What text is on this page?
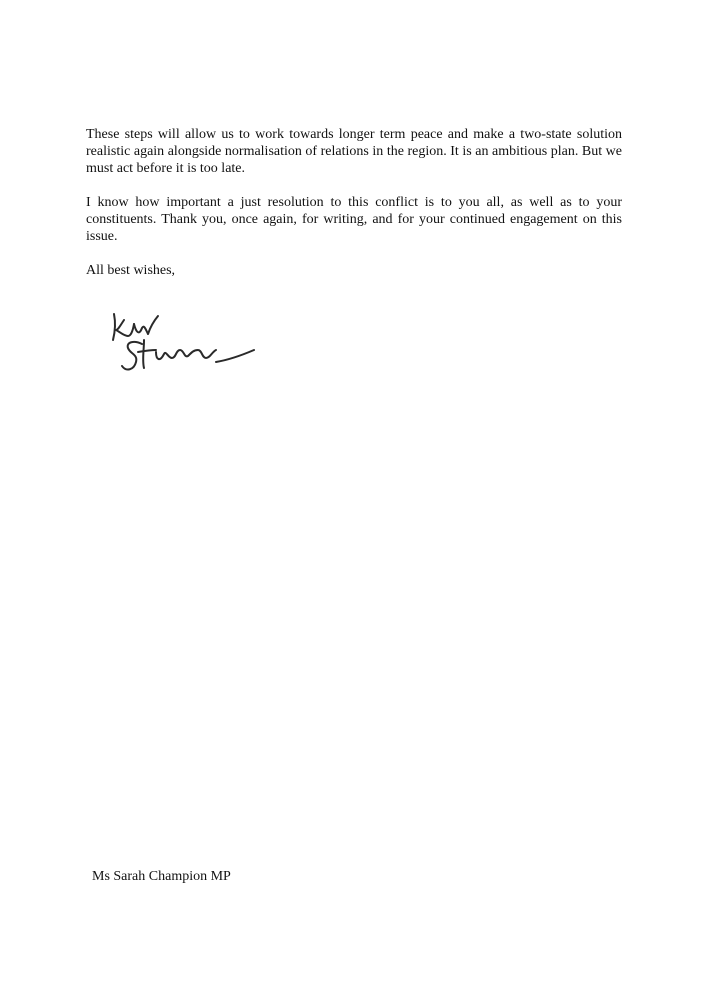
These steps will allow us to work towards longer term peace and make a two-state solution realistic again alongside normalisation of relations in the region. It is an ambitious plan. But we must act before it is too late.

I know how important a just resolution to this conflict is to you all, as well as to your constituents. Thank you, once again, for writing, and for your continued engagement on this issue.

All best wishes,

Ms Sarah Champion MP
